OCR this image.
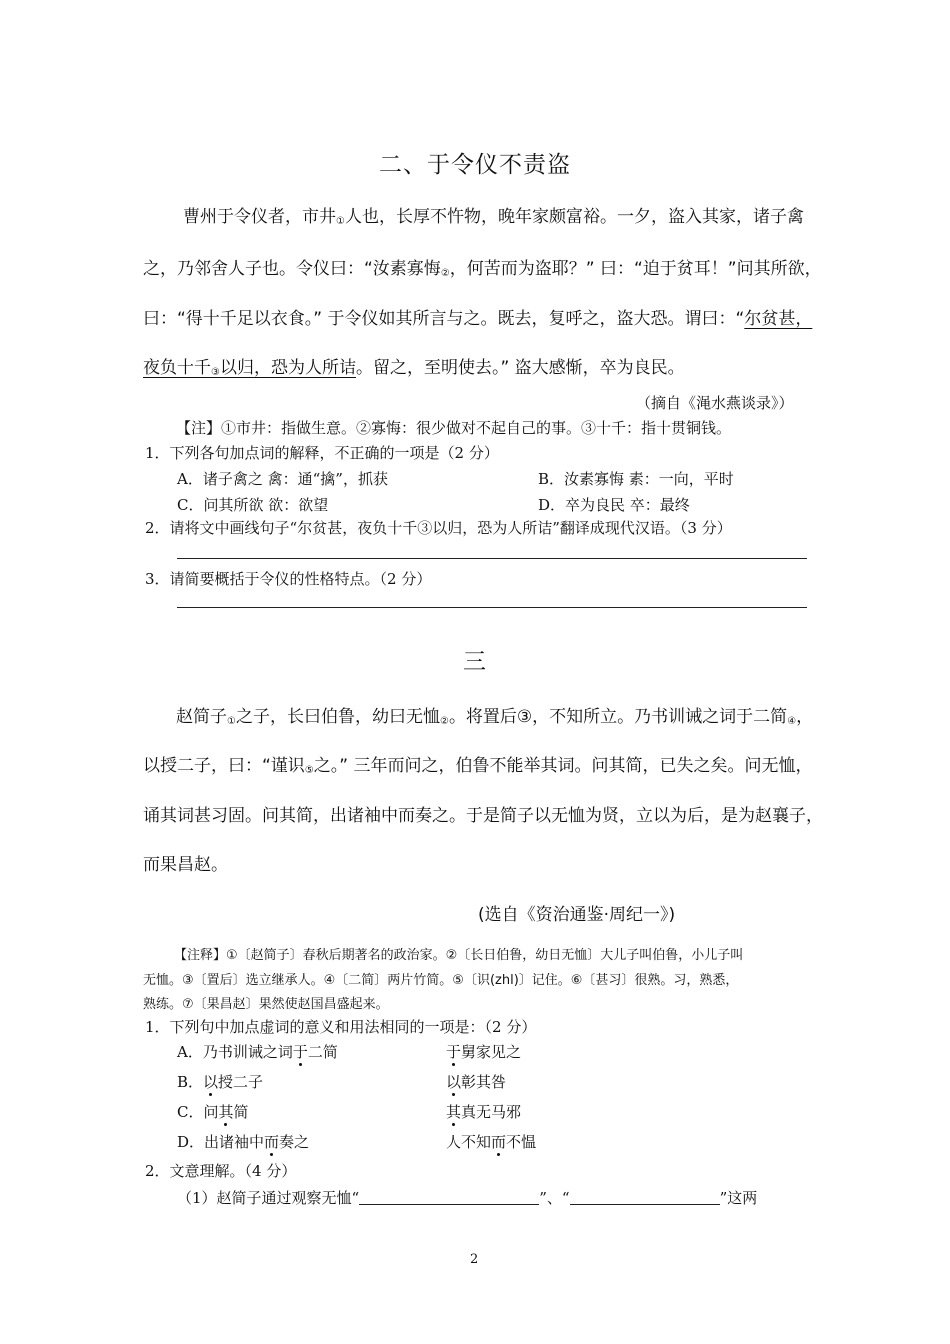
二、于令仪不责盗
曹州于令仪者，市井$_①$人也，长厚不忤物，晚年家颇富裕。一夕，盗入其家，诸子禽
之，乃邻舍人子也。令仪曰：“汝素寡悔$_②$，何苦而为盗耶？” 曰：“迫于贫耳！”问其所欲，
曰：“得十千足以衣食。” 于令仪如其所言与之。既去，复呼之，盗大恐。谓曰：“尔贫甚，
夜负十千$_③$以归，恐为人所诘。留之，至明使去。” 盗大感惭，卒为良民。
（摘自《渑水燕谈录》）
【注】①市井：指做生意。②寡悔：很少做对不起自己的事。③十千：指十贯铜钱。
1．下列各句加点词的解释，不正确的一项是（2 分）
A．诸子禽之 禽：通“擒”，抓获	B．汝素寡悔 素：一向，平时
C．问其所欲 欲：欲望	D．卒为良民 卒：最终
2．请将文中画线句子“尔贫甚，夜负十千③以归，恐为人所诘”翻译成现代汉语。（3 分）
3．请简要概括于令仪的性格特点。（2 分）
三
赵简子$_①$之子，长曰伯鲁，幼曰无恤$_②$。将置后③，不知所立。乃书训诫之词于二简$_④$，
以授二子，曰：“谨识$_⑤$之。” 三年而问之，伯鲁不能举其词。问其简，已失之矣。问无恤，
诵其词甚习固。问其简，出诸袖中而奏之。于是简子以无恤为贤，立以为后，是为赵襄子，
而果昌赵。
(选自《资治通鉴·周纪一》)
【注释】①〔赵简子〕春秋后期著名的政治家。②〔长日伯鲁，幼日无恤〕大儿子叫伯鲁，小儿子叫
无恤。③〔置后〕选立继承人。④〔二简〕两片竹简。⑤〔识(zhl)〕记住。⑥〔甚习〕很熟。习，熟悉，
熟练。⑦〔果昌赵〕果然使赵国昌盛起来。
1．下列句中加点虚词的意义和用法相同的一项是：（2 分）
A．乃书训诫之词于二简	于舅家见之
B．以授二子	以彰其咎
C．问其简	其真无马邪
D．出诸袖中而奏之	人不知而不愠
2．文意理解。（4 分）
（1）赵简子通过观察无恤“	”、“	”这两
2
